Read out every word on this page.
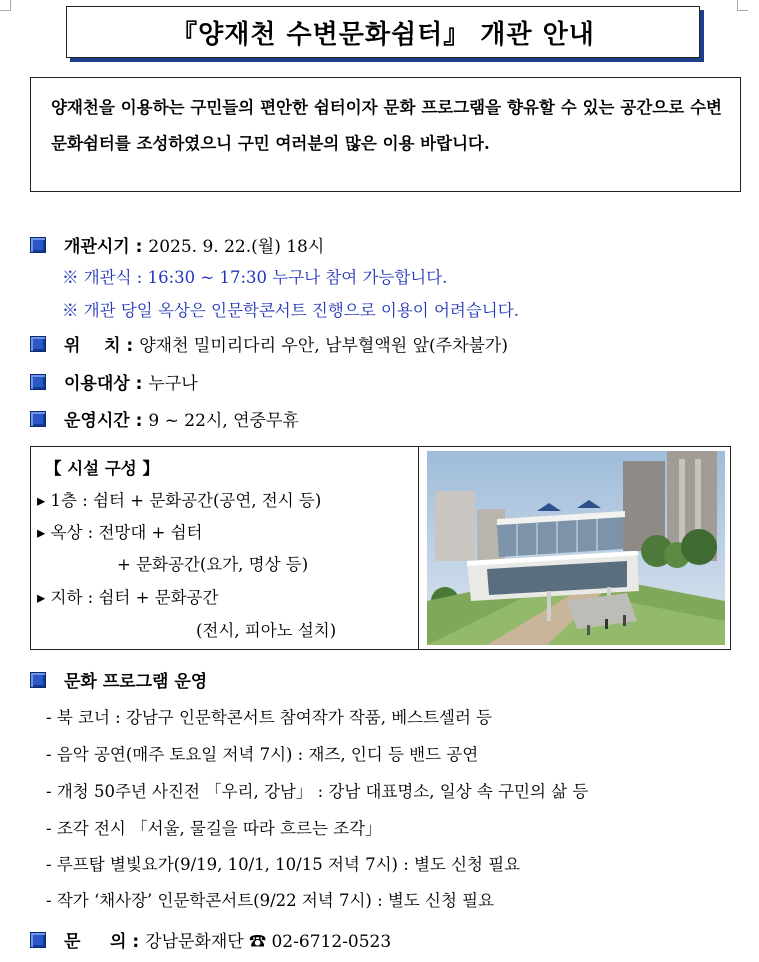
『양재천 수변문화쉼터』 개관 안내
양재천을 이용하는 구민들의 편안한 쉼터이자 문화 프로그램을 향유할 수 있는 공간으로 수변문화쉼터를 조성하였으니 구민 여러분의 많은 이용 바랍니다.
개관시기 : 2025. 9. 22.(월) 18시
※ 개관식 : 16:30 ~ 17:30 누구나 참여 가능합니다.
※ 개관 당일 옥상은 인문학콘서트 진행으로 이용이 어려습니다.
위    치 : 양재천 밀미리다리 우안, 남부혈액원 앞(주차불가)
이용대상 : 누구나
운영시간 : 9 ~ 22시, 연중무휴
【 시설 구성 】
▸ 1층 : 쉼터 + 문화공간(공연, 전시 등)
▸ 옥상 : 전망대 + 쉼터
+ 문화공간(요가, 명상 등)
▸ 지하 : 쉼터 + 문화공간
(전시, 피아노 설치)
문화 프로그램 운영
- 북 코너 : 강남구 인문학콘서트 참여작가 작품, 베스트셀러 등
- 음악 공연(매주 토요일 저녁 7시) : 재즈, 인디 등 밴드 공연
- 개청 50주년 사진전 「우리, 강남」 : 강남 대표명소, 일상 속 구민의 삶 등
- 조각 전시 「서울, 물길을 따라 흐르는 조각」
- 루프탑 별빛요가(9/19, 10/1, 10/15 저녁 7시) : 별도 신청 필요
- 작가 ‘채사장’ 인문학콘서트(9/22 저녁 7시) : 별도 신청 필요
문     의 : 강남문화재단 ☎ 02-6712-0523
